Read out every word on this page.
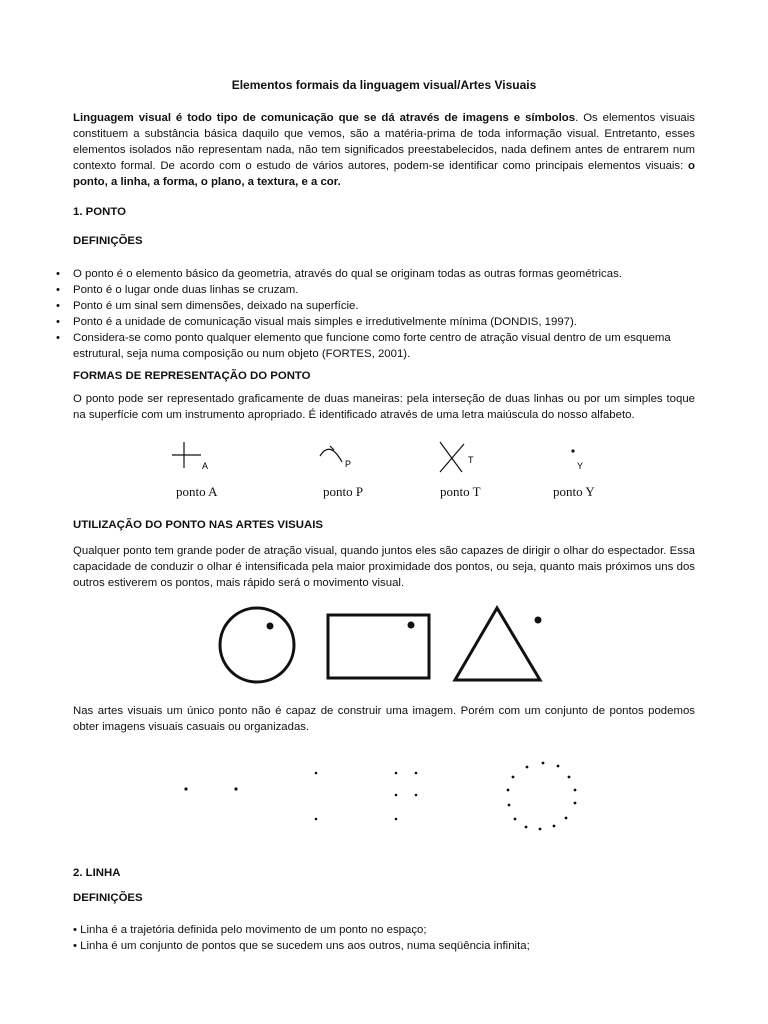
Elementos formais da linguagem visual/Artes Visuais
Linguagem visual é todo tipo de comunicação que se dá através de imagens e símbolos. Os elementos visuais constituem a substância básica daquilo que vemos, são a matéria-prima de toda informação visual. Entretanto, esses elementos isolados não representam nada, não tem significados preestabelecidos, nada definem antes de entrarem num contexto formal. De acordo com o estudo de vários autores, podem-se identificar como principais elementos visuais: o ponto, a linha, a forma, o plano, a textura, e a cor.
1. PONTO
DEFINIÇÕES
• O ponto é o elemento básico da geometria, através do qual se originam todas as outras formas geométricas.
• Ponto é o lugar onde duas linhas se cruzam.
• Ponto é um sinal sem dimensões, deixado na superfície.
• Ponto é a unidade de comunicação visual mais simples e irredutivelmente mínima (DONDIS, 1997).
• Considera-se como ponto qualquer elemento que funcione como forte centro de atração visual dentro de um esquema estrutural, seja numa composição ou num objeto (FORTES, 2001).
FORMAS DE REPRESENTAÇÃO DO PONTO
O ponto pode ser representado graficamente de duas maneiras: pela interseção de duas linhas ou por um simples toque na superfície com um instrumento apropriado. É identificado através de uma letra maiúscula do nosso alfabeto.
A	P	T
Y
ponto A	ponto P	ponto T	ponto Y
UTILIZAÇÃO DO PONTO NAS ARTES VISUAIS
Qualquer ponto tem grande poder de atração visual, quando juntos eles são capazes de dirigir o olhar do espectador. Essa capacidade de conduzir o olhar é intensificada pela maior proximidade dos pontos, ou seja, quanto mais próximos uns dos outros estiverem os pontos, mais rápido será o movimento visual.
Nas artes visuais um único ponto não é capaz de construir uma imagem. Porém com um conjunto de pontos podemos obter imagens visuais casuais ou organizadas.
2. LINHA
DEFINIÇÕES
• Linha é a trajetória definida pelo movimento de um ponto no espaço;
• Linha é um conjunto de pontos que se sucedem uns aos outros, numa seqüência infinita;
